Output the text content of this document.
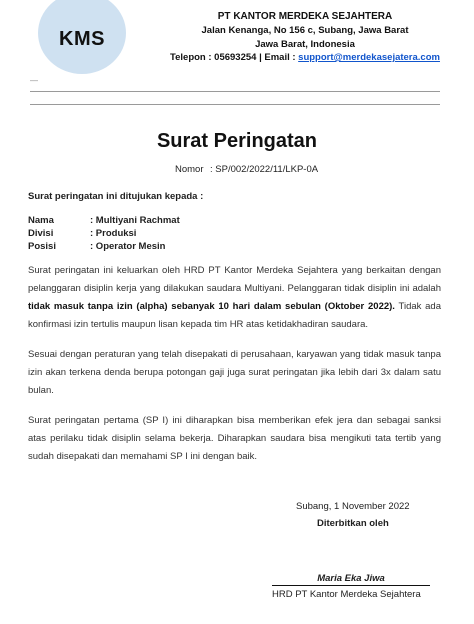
KMS
PT KANTOR MERDEKA SEJAHTERA
Jalan Kenanga, No 156 c, Subang, Jawa Barat
Jawa Barat, Indonesia
Telepon : 05693254 | Email : support@merdekasejatera.com
—
Surat Peringatan
Nomor : SP/002/2022/11/LKP-0A
Surat peringatan ini ditujukan kepada :
Nama	: Multiyani Rachmat
Divisi	: Produksi
Posisi	: Operator Mesin
Surat peringatan ini keluarkan oleh HRD PT Kantor Merdeka Sejahtera yang berkaitan dengan pelanggaran disiplin kerja yang dilakukan saudara Multiyani. Pelanggaran tidak disiplin ini adalah tidak masuk tanpa izin (alpha) sebanyak 10 hari dalam sebulan (Oktober 2022). Tidak ada konfirmasi izin tertulis maupun lisan kepada tim HR atas ketidakhadiran saudara.
Sesuai dengan peraturan yang telah disepakati di perusahaan, karyawan yang tidak masuk tanpa izin akan terkena denda berupa potongan gaji juga surat peringatan jika lebih dari 3x dalam satu bulan.
Surat peringatan pertama (SP I) ini diharapkan bisa memberikan efek jera dan sebagai sanksi atas perilaku tidak disiplin selama bekerja. Diharapkan saudara bisa mengikuti tata tertib yang sudah disepakati dan memahami SP I ini dengan baik.
Subang, 1 November 2022
Diterbitkan oleh
Maria Eka Jiwa
HRD PT Kantor Merdeka Sejahtera
